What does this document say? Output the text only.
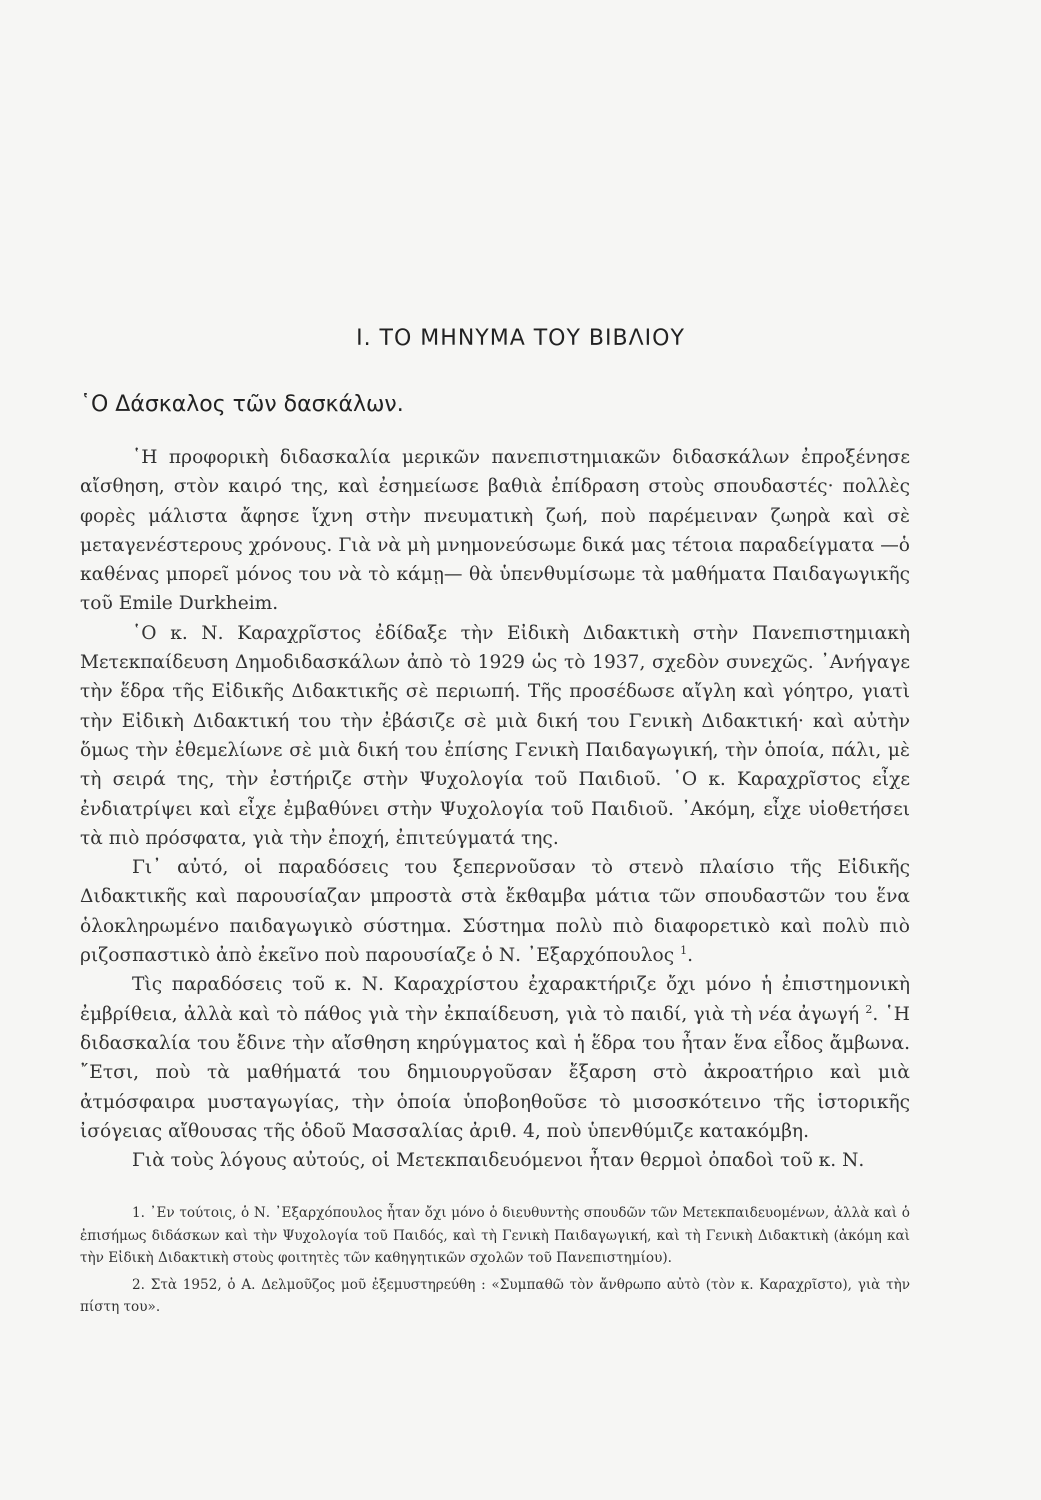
Ι. ΤΟ ΜΗΝΥΜΑ ΤΟΥ ΒΙΒΛΙΟΥ
῾Ο Δάσκαλος τῶν δασκάλων.

῾Η προφορικὴ διδασκαλία μερικῶν πανεπιστημιακῶν διδασκάλων ἐπροξένησε αἴσθηση, στὸν καιρό της, καὶ ἐσημείωσε βαθιὰ ἐπίδραση στοὺς σπουδαστές· πολλὲς φορὲς μάλιστα ἄφησε ἴχνη στὴν πνευματικὴ ζωή, ποὺ παρέμειναν ζωηρὰ καὶ σὲ μεταγενέστερους χρόνους. Γιὰ νὰ μὴ μνημονεύσωμε δικά μας τέτοια παραδείγματα —ὁ καθένας μπορεῖ μόνος του νὰ τὸ κάμῃ— θὰ ὑπενθυμίσωμε τὰ μαθήματα Παιδαγωγικῆς τοῦ Emile Durkheim.

῾Ο κ. Ν. Καραχρῖστος ἐδίδαξε τὴν Εἰδικὴ Διδακτικὴ στὴν Πανεπιστημιακὴ Μετεκπαίδευση Δημοδιδασκάλων ἀπὸ τὸ 1929 ὡς τὸ 1937, σχεδὸν συνεχῶς. ᾿Ανήγαγε τὴν ἕδρα τῆς Εἰδικῆς Διδακτικῆς σὲ περιωπή. Τῆς προσέδωσε αἴγλη καὶ γόητρο, γιατὶ τὴν Εἰδικὴ Διδακτική του τὴν ἐβάσιζε σὲ μιὰ δική του Γενικὴ Διδακτική· καὶ αὐτὴν ὅμως τὴν ἐθεμελίωνε σὲ μιὰ δική του ἐπίσης Γενικὴ Παιδαγωγική, τὴν ὁποία, πάλι, μὲ τὴ σειρά της, τὴν ἐστήριζε στὴν Ψυχολογία τοῦ Παιδιοῦ. ῾Ο κ. Καραχρῖστος εἶχε ἐνδιατρίψει καὶ εἶχε ἐμβαθύνει στὴν Ψυχολογία τοῦ Παιδιοῦ. ᾿Ακόμη, εἶχε υἱοθετήσει τὰ πιὸ πρόσφατα, γιὰ τὴν ἐποχή, ἐπιτεύγματά της.

Γι᾿ αὐτό, οἱ παραδόσεις του ξεπερνοῦσαν τὸ στενὸ πλαίσιο τῆς Εἰδικῆς Διδακτικῆς καὶ παρουσίαζαν μπροστὰ στὰ ἔκθαμβα μάτια τῶν σπουδαστῶν του ἕνα ὁλοκληρωμένο παιδαγωγικὸ σύστημα. Σύστημα πολὺ πιὸ διαφορετικὸ καὶ πολὺ πιὸ ριζοσπαστικὸ ἀπὸ ἐκεῖνο ποὺ παρουσίαζε ὁ Ν. ᾿Εξαρχόπουλος $^1$.

Τὶς παραδόσεις τοῦ κ. Ν. Καραχρίστου ἐχαρακτήριζε ὄχι μόνο ἡ ἐπιστημονικὴ ἐμβρίθεια, ἀλλὰ καὶ τὸ πάθος γιὰ τὴν ἐκπαίδευση, γιὰ τὸ παιδί, γιὰ τὴ νέα ἀγωγή $^2$. ῾Η διδασκαλία του ἔδινε τὴν αἴσθηση κηρύγματος καὶ ἡ ἕδρα του ἦταν ἕνα εἶδος ἄμβωνα. ῎Ετσι, ποὺ τὰ μαθήματά του δημιουργοῦσαν ἔξαρση στὸ ἀκροατήριο καὶ μιὰ ἀτμόσφαιρα μυσταγωγίας, τὴν ὁποία ὑποβοηθοῦσε τὸ μισοσκότεινο τῆς ἱστορικῆς ἰσόγειας αἴθουσας τῆς ὁδοῦ Μασσαλίας ἀριθ. 4, ποὺ ὑπενθύμιζε κατακόμβη.

Γιὰ τοὺς λόγους αὐτούς, οἱ Μετεκπαιδευόμενοι ἦταν θερμοὶ ὀπαδοὶ τοῦ κ. Ν.

1. ᾿Εν τούτοις, ὁ Ν. ᾿Εξαρχόπουλος ἦταν ὄχι μόνο ὁ διευθυντὴς σπουδῶν τῶν Μετεκπαιδευομένων, ἀλλὰ καὶ ὁ ἐπισήμως διδάσκων καὶ τὴν Ψυχολογία τοῦ Παιδός, καὶ τὴ Γενικὴ Παιδαγωγική, καὶ τὴ Γενικὴ Διδακτικὴ (ἀκόμη καὶ τὴν Εἰδικὴ Διδακτικὴ στοὺς φοιτητὲς τῶν καθηγητικῶν σχολῶν τοῦ Πανεπιστημίου).

2. Στὰ 1952, ὁ Α. Δελμοῦζος μοῦ ἐξεμυστηρεύθη : «Συμπαθῶ τὸν ἄνθρωπο αὐτὸ (τὸν κ. Καραχρῖστο), γιὰ τὴν πίστη του».
